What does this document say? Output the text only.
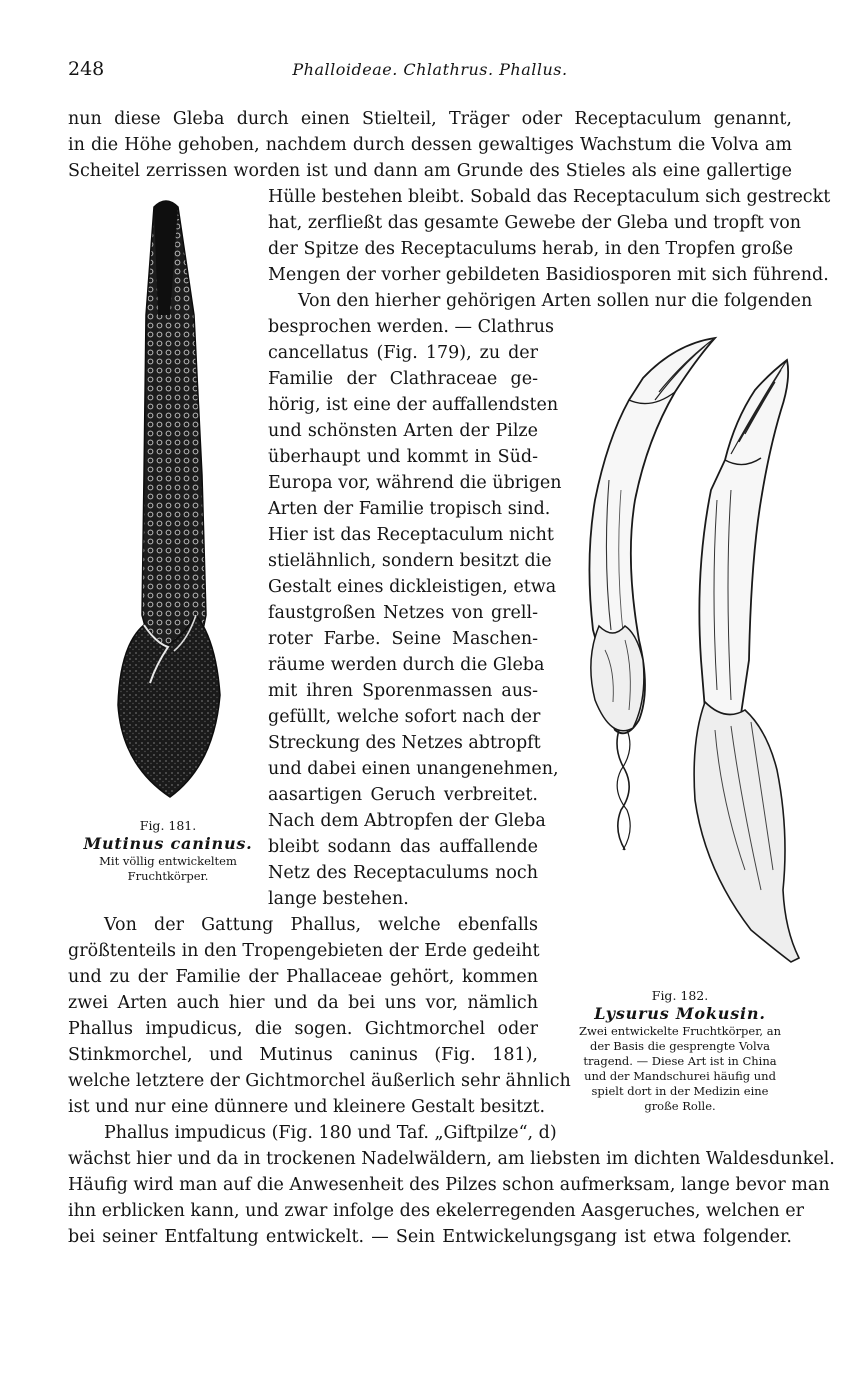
248	Phalloideae. Chlathrus. Phallus.
nun diese Gleba durch einen Stielteil, Träger oder Receptaculum genannt,
in die Höhe gehoben, nachdem durch dessen gewaltiges Wachstum die Volva am
Scheitel zerrissen worden ist und dann am Grunde des Stieles als eine gallertige
Hülle bestehen bleibt. Sobald das Receptaculum sich gestreckt
hat, zerfließt das gesamte Gewebe der Gleba und tropft von
der Spitze des Receptaculums herab, in den Tropfen große
Mengen der vorher gebildeten Basidiosporen mit sich führend.
Von den hierher gehörigen Arten sollen nur die folgenden
besprochen werden. — Clathrus
cancellatus (Fig. 179), zu der
Familie der Clathraceae ge-
hörig, ist eine der auffallendsten
und schönsten Arten der Pilze
überhaupt und kommt in Süd-
Europa vor, während die übrigen
Arten der Familie tropisch sind.
Hier ist das Receptaculum nicht
stielähnlich, sondern besitzt die
Gestalt eines dickleistigen, etwa
faustgroßen Netzes von grell-
roter Farbe. Seine Maschen-
räume werden durch die Gleba
mit ihren Sporenmassen aus-
gefüllt, welche sofort nach der
Streckung des Netzes abtropft
und dabei einen unangenehmen,
aasartigen Geruch verbreitet.
Nach dem Abtropfen der Gleba
bleibt sodann das auffallende
Netz des Receptaculums noch
lange bestehen.
Von der Gattung Phallus, welche ebenfalls
größtenteils in den Tropengebieten der Erde gedeiht
und zu der Familie der Phallaceae gehört, kommen
zwei Arten auch hier und da bei uns vor, nämlich
Phallus impudicus, die sogen. Gichtmorchel oder
Stinkmorchel, und Mutinus caninus (Fig. 181),
welche letztere der Gichtmorchel äußerlich sehr ähnlich
ist und nur eine dünnere und kleinere Gestalt besitzt.
Phallus impudicus (Fig. 180 und Taf. „Giftpilze“, d)
wächst hier und da in trockenen Nadelwäldern, am liebsten im dichten Waldesdunkel.
Häufig wird man auf die Anwesenheit des Pilzes schon aufmerksam, lange bevor man
ihn erblicken kann, und zwar infolge des ekelerregenden Aasgeruches, welchen er
bei seiner Entfaltung entwickelt. — Sein Entwickelungsgang ist etwa folgender.
Fig. 181.
Mutinus caninus.
Mit völlig entwickeltem
Fruchtkörper.
Fig. 182.
Lysurus Mokusin.
Zwei entwickelte Fruchtkörper, an
der Basis die gesprengte Volva
tragend. — Diese Art ist in China
und der Mandschurei häufig und
spielt dort in der Medizin eine
große Rolle.
